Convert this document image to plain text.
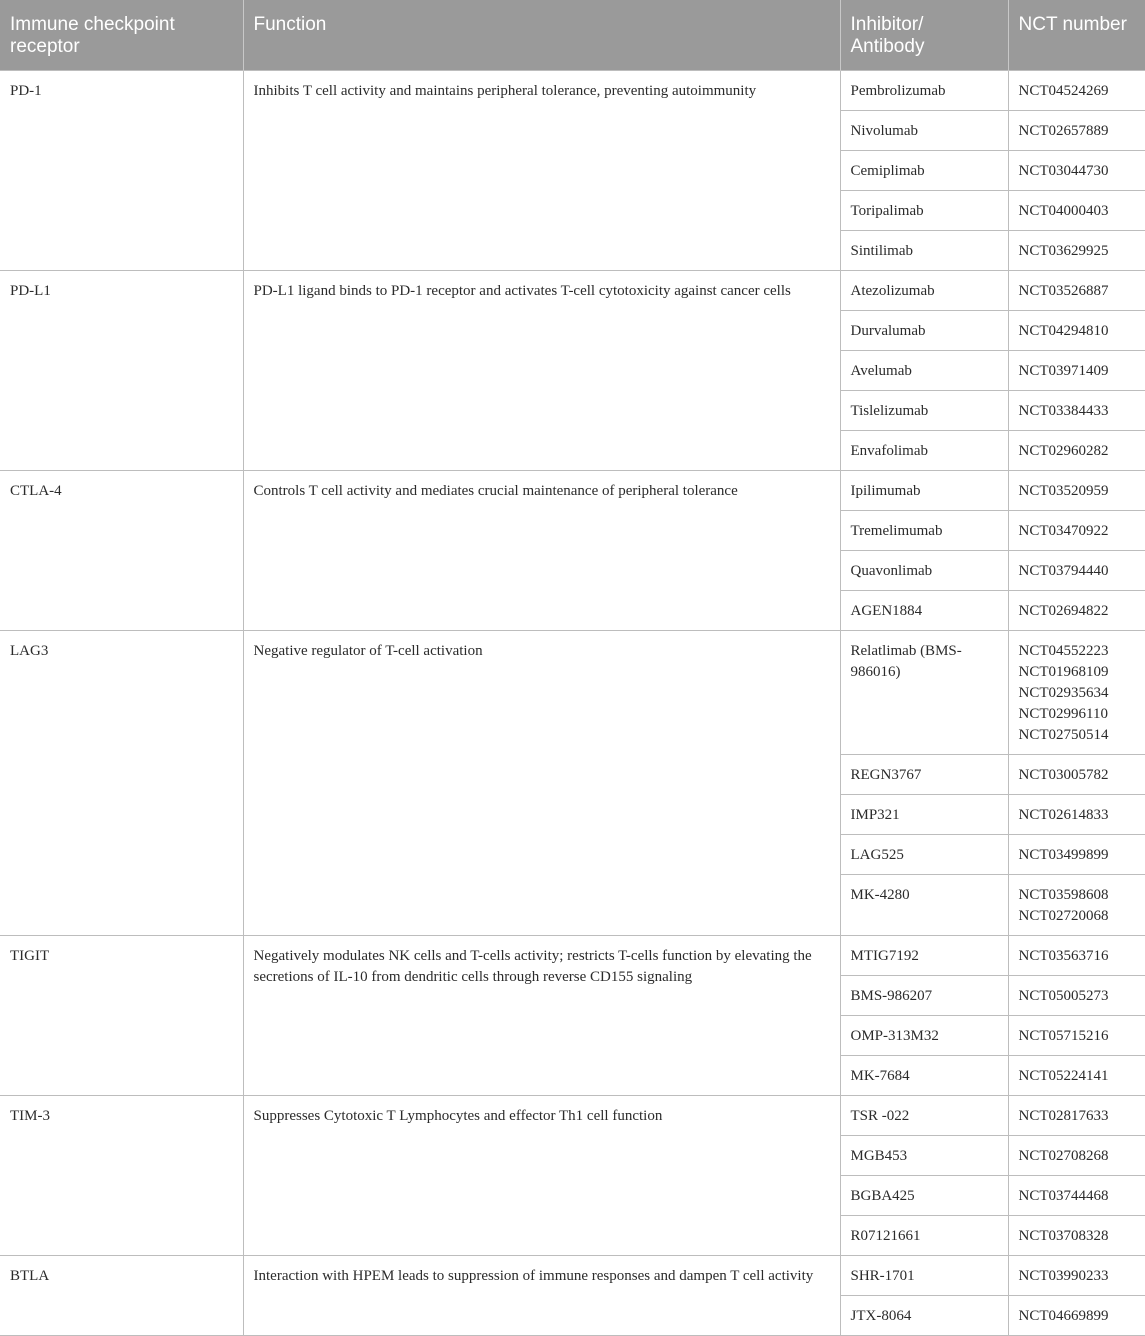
Immune checkpoint receptor	Function	Inhibitor/ Antibody	NCT number
PD-1	Inhibits T cell activity and maintains peripheral tolerance, preventing autoimmunity	Pembrolizumab	NCT04524269

		Nivolumab	NCT02657889

		Cemiplimab	NCT03044730

		Toripalimab	NCT04000403

		Sintilimab	NCT03629925

PD-L1	PD-L1 ligand binds to PD-1 receptor and activates T-cell cytotoxicity against cancer cells	Atezolizumab	NCT03526887

		Durvalumab	NCT04294810

		Avelumab	NCT03971409

		Tislelizumab	NCT03384433

		Envafolimab	NCT02960282

CTLA-4	Controls T cell activity and mediates crucial maintenance of peripheral tolerance	Ipilimumab	NCT03520959

		Tremelimumab	NCT03470922

		Quavonlimab	NCT03794440

		AGEN1884	NCT02694822

LAG3	Negative regulator of T-cell activation	Relatlimab (BMS-986016)	NCT04552223
NCT01968109
NCT02935634
NCT02996110
NCT02750514

		REGN3767	NCT03005782

		IMP321	NCT02614833

		LAG525	NCT03499899

		MK-4280	NCT03598608
NCT02720068

TIGIT	Negatively modulates NK cells and T-cells activity; restricts T-cells function by elevating the secretions of IL-10 from dendritic cells through reverse CD155 signaling	MTIG7192	NCT03563716

		BMS-986207	NCT05005273

		OMP-313M32	NCT05715216

		MK-7684	NCT05224141

TIM-3	Suppresses Cytotoxic T Lymphocytes and effector Th1 cell function	TSR -022	NCT02817633

		MGB453	NCT02708268

		BGBA425	NCT03744468

		R07121661	NCT03708328

BTLA	Interaction with HPEM leads to suppression of immune responses and dampen T cell activity	SHR-1701	NCT03990233

		JTX-8064	NCT04669899
